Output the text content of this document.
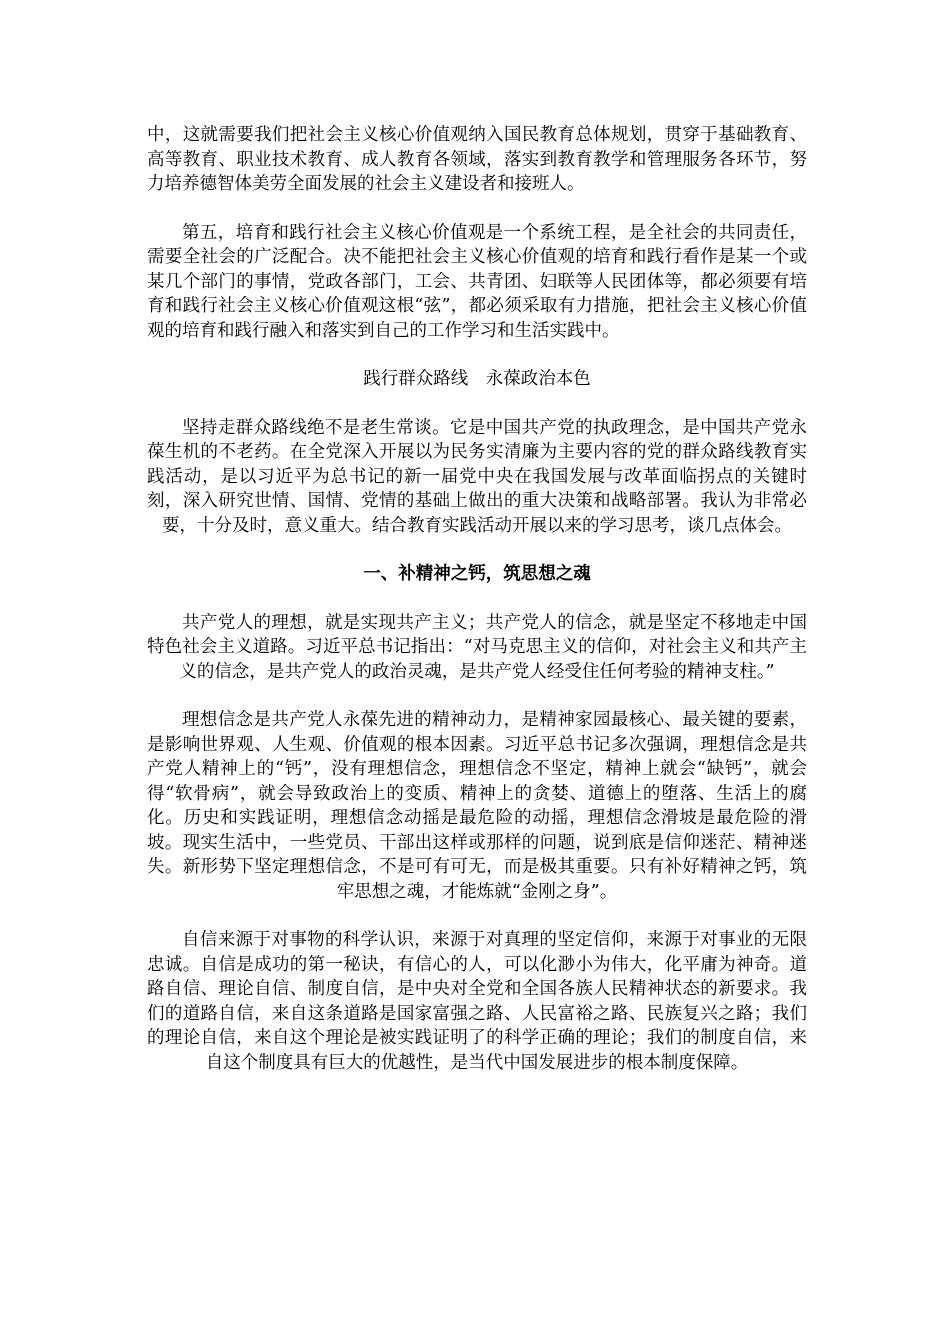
中，这就需要我们把社会主义核心价值观纳入国民教育总体规划，贯穿于基础教育、高等教育、职业技术教育、成人教育各领域，落实到教育教学和管理服务各环节，努力培养德智体美劳全面发展的社会主义建设者和接班人。

第五，培育和践行社会主义核心价值观是一个系统工程，是全社会的共同责任，需要全社会的广泛配合。决不能把社会主义核心价值观的培育和践行看作是某一个或某几个部门的事情，党政各部门，工会、共青团、妇联等人民团体等，都必须要有培育和践行社会主义核心价值观这根“弦”，都必须采取有力措施，把社会主义核心价值观的培育和践行融入和落实到自己的工作学习和生活实践中。

践行群众路线　永葆政治本色

坚持走群众路线绝不是老生常谈。它是中国共产党的执政理念，是中国共产党永葆生机的不老药。在全党深入开展以为民务实清廉为主要内容的党的群众路线教育实践活动，是以习近平为总书记的新一届党中央在我国发展与改革面临拐点的关键时刻，深入研究世情、国情、党情的基础上做出的重大决策和战略部署。我认为非常必要，十分及时，意义重大。结合教育实践活动开展以来的学习思考，谈几点体会。

一、补精神之钙，筑思想之魂

共产党人的理想，就是实现共产主义；共产党人的信念，就是坚定不移地走中国特色社会主义道路。习近平总书记指出：“对马克思主义的信仰，对社会主义和共产主义的信念，是共产党人的政治灵魂，是共产党人经受住任何考验的精神支柱。”

理想信念是共产党人永葆先进的精神动力，是精神家园最核心、最关键的要素，是影响世界观、人生观、价值观的根本因素。习近平总书记多次强调，理想信念是共产党人精神上的“钙”，没有理想信念，理想信念不坚定，精神上就会“缺钙”，就会得“软骨病”，就会导致政治上的变质、精神上的贪婪、道德上的堕落、生活上的腐化。历史和实践证明，理想信念动摇是最危险的动摇，理想信念滑坡是最危险的滑坡。现实生活中，一些党员、干部出这样或那样的问题，说到底是信仰迷茫、精神迷失。新形势下坚定理想信念，不是可有可无，而是极其重要。只有补好精神之钙，筑牢思想之魂，才能炼就“金刚之身”。

自信来源于对事物的科学认识，来源于对真理的坚定信仰，来源于对事业的无限忠诚。自信是成功的第一秘诀，有信心的人，可以化渺小为伟大，化平庸为神奇。道路自信、理论自信、制度自信，是中央对全党和全国各族人民精神状态的新要求。我们的道路自信，来自这条道路是国家富强之路、人民富裕之路、民族复兴之路；我们的理论自信，来自这个理论是被实践证明了的科学正确的理论；我们的制度自信，来自这个制度具有巨大的优越性，是当代中国发展进步的根本制度保障。
